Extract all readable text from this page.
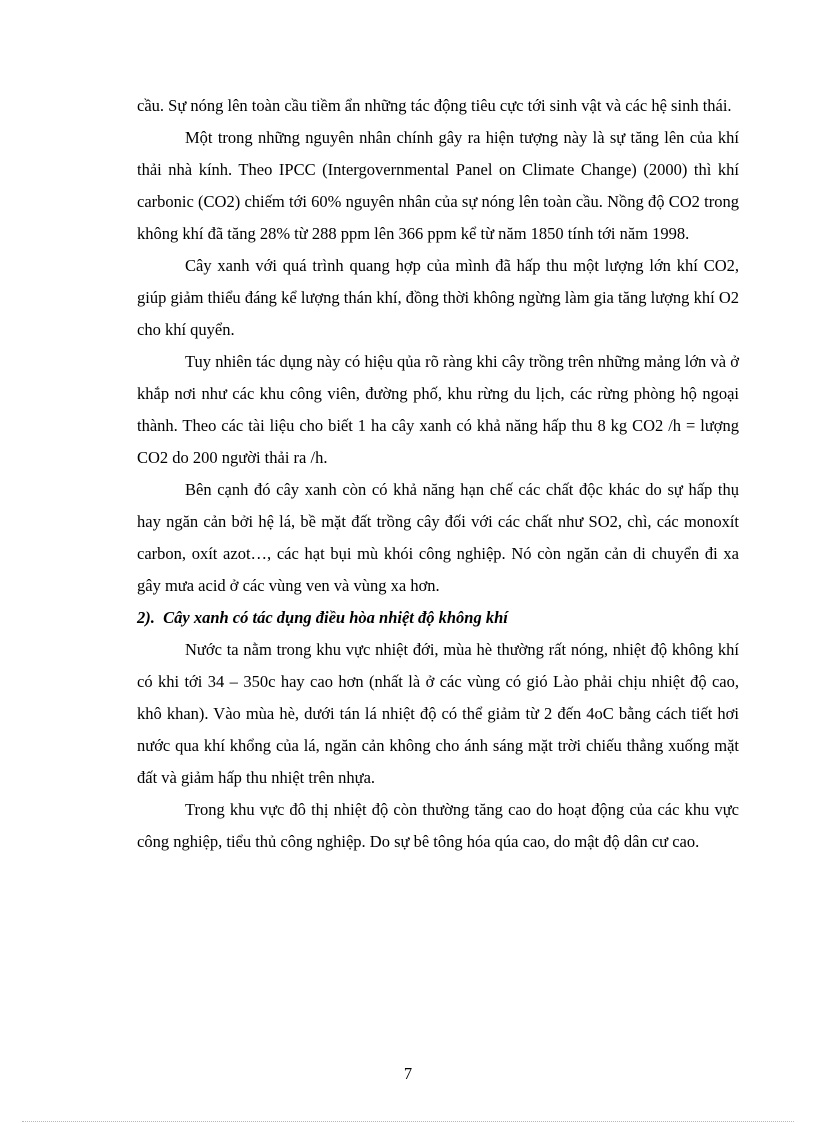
cầu. Sự nóng lên toàn cầu tiềm ẩn những tác động tiêu cực tới sinh vật và các hệ sinh thái.

Một trong những nguyên nhân chính gây ra hiện tượng này là sự tăng lên của khí thải nhà kính. Theo IPCC (Intergovernmental Panel on Climate Change) (2000) thì khí carbonic (CO2) chiếm tới 60% nguyên nhân của sự nóng lên toàn cầu. Nồng độ CO2 trong không khí đã tăng 28% từ 288 ppm lên 366 ppm kể từ năm 1850 tính tới năm 1998.

Cây xanh với quá trình quang hợp của mình đã hấp thu một lượng lớn khí CO2, giúp giảm thiểu đáng kể lượng thán khí, đồng thời không ngừng làm gia tăng lượng khí O2 cho khí quyển.

Tuy nhiên tác dụng này có hiệu qủa rõ ràng khi cây trồng trên những mảng lớn và ở khắp nơi như các khu công viên, đường phố, khu rừng du lịch, các rừng phòng hộ ngoại thành. Theo các tài liệu cho biết 1 ha cây xanh có khả năng hấp thu 8 kg CO2 /h = lượng CO2 do 200 người thải ra /h.

Bên cạnh đó cây xanh còn có khả năng hạn chế các chất độc khác do sự hấp thụ hay ngăn cản bởi hệ lá, bề mặt đất trồng cây đối với các chất như SO2, chì, các monoxít carbon, oxít azot…, các hạt bụi mù khói công nghiệp. Nó còn ngăn cản di chuyển đi xa gây mưa acid ở các vùng ven và vùng xa hơn.

2).  Cây xanh có tác dụng điều hòa nhiệt độ không khí

Nước ta nằm trong khu vực nhiệt đới, mùa hè thường rất nóng, nhiệt độ không khí có khi tới 34 – 350c hay cao hơn (nhất là ở các vùng có gió Lào phải chịu nhiệt độ cao, khô khan). Vào mùa hè, dưới tán lá nhiệt độ có thể giảm từ 2 đến 4oC bằng cách tiết hơi nước qua khí khổng của lá, ngăn cản không cho ánh sáng mặt trời chiếu thẳng xuống mặt đất và giảm hấp thu nhiệt trên nhựa.

Trong khu vực đô thị nhiệt độ còn thường tăng cao do hoạt động của các khu vực công nghiệp, tiểu thủ công nghiệp. Do sự bê tông hóa qúa cao, do mật độ dân cư cao.

7
